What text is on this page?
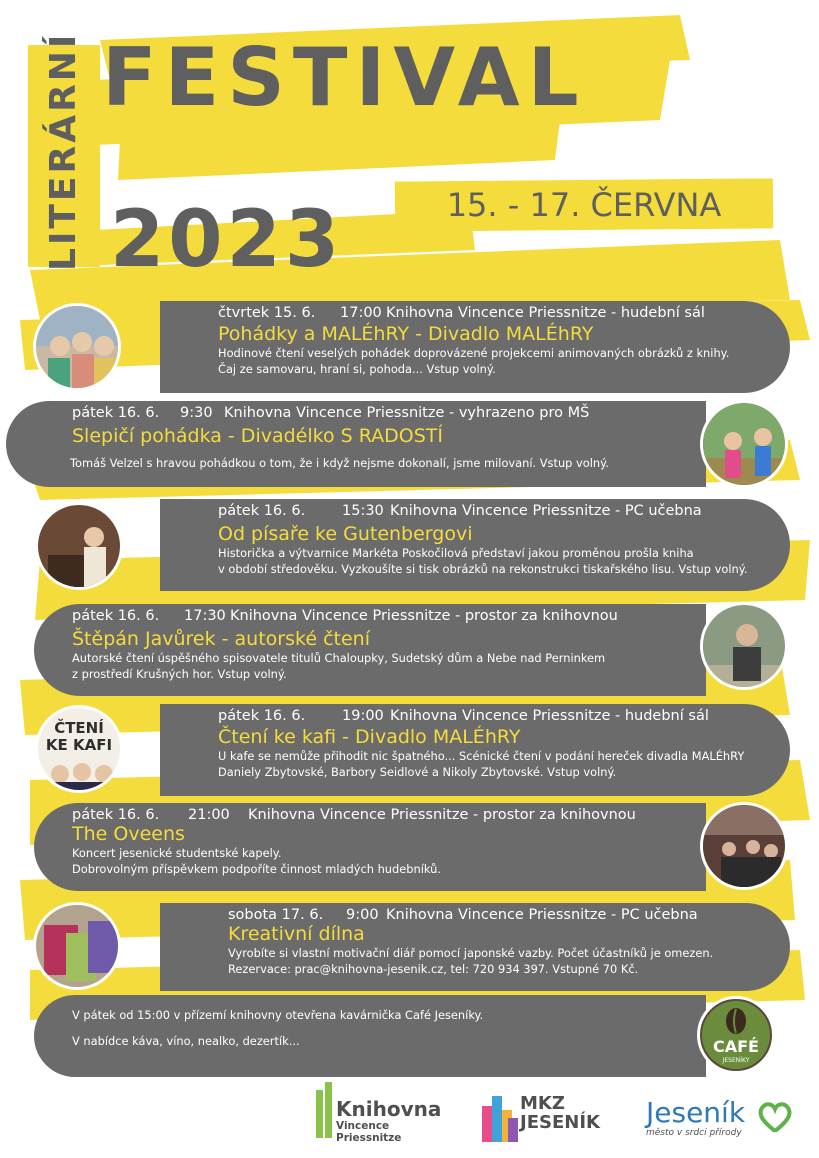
LITERÁRNÍ FESTIVAL
2023	15. - 17. ČERVNA
čtvrtek 15. 6. 17:00 Knihovna Vincence Priessnitze - hudební sál
Pohádky a MALÉhRY - Divadlo MALÉhRY
Hodinové čtení veselých pohádek doprovázené projekcemi animovaných obrázků z knihy.
Čaj ze samovaru, hraní si, pohoda... Vstup volný.
pátek 16. 6. 9:30 Knihovna Vincence Priessnitze - vyhrazeno pro MŠ
Slepičí pohádka - Divadélko S RADOSTÍ
Tomáš Velzel s hravou pohádkou o tom, že i když nejsme dokonalí, jsme milovaní. Vstup volný.
pátek 16. 6.	15:30 Knihovna Vincence Priessnitze - PC učebna
Od písaře ke Gutenbergovi
Historička a výtvarnice Markéta Poskočilová představí jakou proměnou prošla kniha
v období středověku. Vyzkoušíte si tisk obrázků na rekonstrukci tiskařského lisu. Vstup volný.
pátek 16. 6. 17:30 Knihovna Vincence Priessnitze - prostor za knihovnou
Štěpán Javůrek - autorské čtení
Autorské čtení úspěšného spisovatele titulů Chaloupky, Sudetský dům a Nebe nad Perninkem
z prostředí Krušných hor. Vstup volný.
pátek 16. 6.	19:00 Knihovna Vincence Priessnitze - hudební sál
Čtení ke kafi - Divadlo MALÉhRY
U kafe se nemůže přihodit nic špatného... Scénické čtení v podání hereček divadla MALÉhRY
Daniely Zbytovské, Barbory Seidlové a Nikoly Zbytovské. Vstup volný.
ČTENÍ
KE KAFI
pátek 16. 6. 21:00 Knihovna Vincence Priessnitze - prostor za knihovnou
The Oveens
Koncert jesenické studentské kapely.
Dobrovolným příspěvkem podpoříte činnost mladých hudebníků.
sobota 17. 6. 9:00 Knihovna Vincence Priessnitze - PC učebna
Kreativní dílna
Vyrobíte si vlastní motivační diář pomocí japonské vazby. Počet účastníků je omezen.
Rezervace: prac@knihovna-jesenik.cz, tel: 720 934 397. Vstupné 70 Kč.
V pátek od 15:00 v přízemí knihovny otevřena kavárnička Café Jeseníky.
V nabídce káva, víno, nealko, dezertík...	CAFÉ
JESENÍKY
Knihovna
Vincence Priessnitze
MKZ
JESENÍK Jeseník
město v srdci přírody
